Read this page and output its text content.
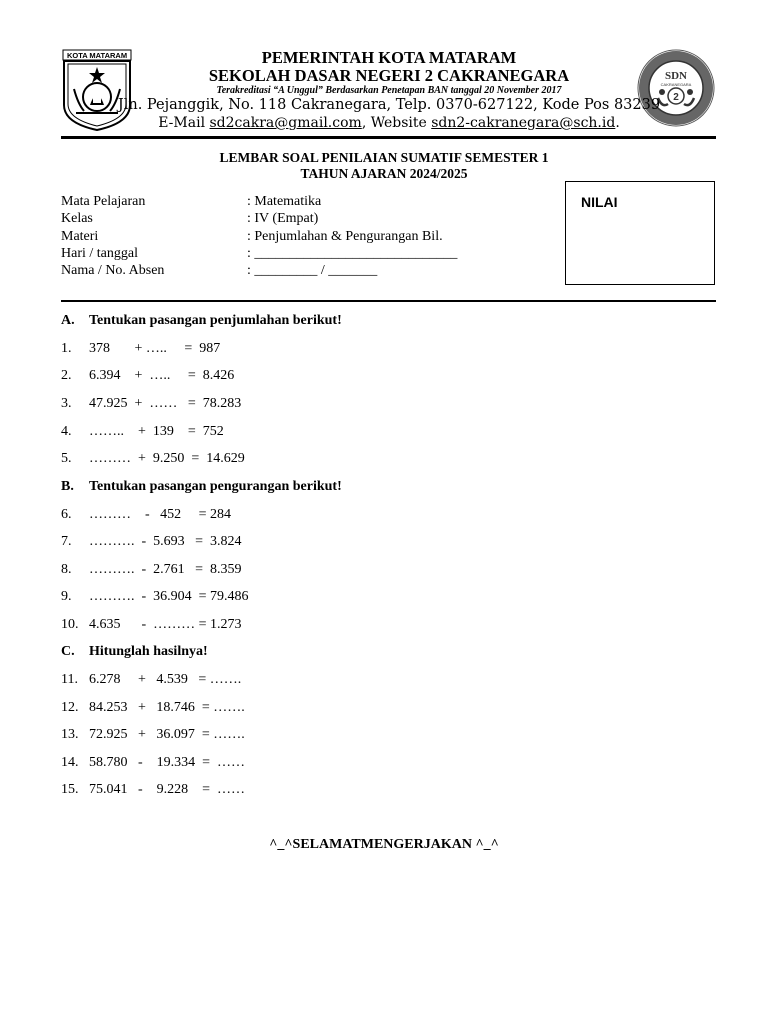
KOTA MATARAM
SDN
CAKRANEGARA
2
PEMERINTAH KOTA MATARAM
SEKOLAH DASAR NEGERI 2 CAKRANEGARA
Terakreditasi “A Unggul” Berdasarkan Penetapan BAN tanggal 20 November 2017
Jln. Pejanggik, No. 118 Cakranegara, Telp. 0370-627122, Kode Pos 83239
E-Mail sd2cakra@gmail.com, Website sdn2-cakranegara@sch.id.
LEMBAR SOAL PENILAIAN SUMATIF SEMESTER 1
TAHUN AJARAN 2024/2025
Mata Pelajaran	: Matematika
Kelas	: IV (Empat)
Materi	: Penjumlahan & Pengurangan Bil.
Hari / tanggal	: _____________________________
Nama / No. Absen	: _________ / _______
NILAI
A. Tentukan pasangan penjumlahan berikut!
1. 378       + …..     =  987
2. 6.394    +  …..     =  8.426
3. 47.925  +  ……   =  78.283
4. ……..    +  139    =  752
5. ………  +  9.250  =  14.629
B. Tentukan pasangan pengurangan berikut!
6. ………    -   452     = 284
7. ……….  -  5.693   =  3.824
8. ……….  -  2.761   =  8.359
9. ……….  -  36.904  = 79.486
10. 4.635      -  ……… = 1.273
C. Hitunglah hasilnya!
11. 6.278     +   4.539   = …….
12. 84.253   +   18.746  = …….
13. 72.925   +   36.097  = …….
14. 58.780   -    19.334  =  ……
15. 75.041   -    9.228    =  ……
^_^SELAMATMENGERJAKAN ^_^
